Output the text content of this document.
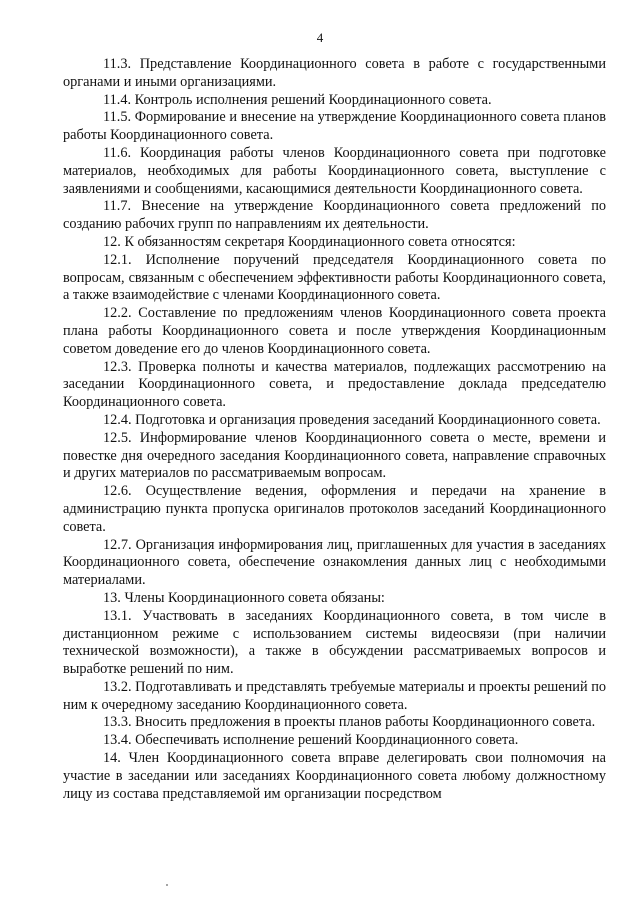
4

11.3. Представление Координационного совета в работе с государственными органами и иными организациями.

11.4. Контроль исполнения решений Координационного совета.

11.5. Формирование и внесение на утверждение Координационного совета планов работы Координационного совета.

11.6. Координация работы членов Координационного совета при подготовке материалов, необходимых для работы Координационного совета, выступление с заявлениями и сообщениями, касающимися деятельности Координационного совета.

11.7. Внесение на утверждение Координационного совета предложений по созданию рабочих групп по направлениям их деятельности.

12. К обязанностям секретаря Координационного совета относятся:

12.1. Исполнение поручений председателя Координационного совета по вопросам, связанным с обеспечением эффективности работы Координационного совета, а также взаимодействие с членами Координационного совета.

12.2. Составление по предложениям членов Координационного совета проекта плана работы Координационного совета и после утверждения Координационным советом доведение его до членов Координационного совета.

12.3. Проверка полноты и качества материалов, подлежащих рассмотрению на заседании Координационного совета, и предоставление доклада председателю Координационного совета.

12.4. Подготовка и организация проведения заседаний Координационного совета.

12.5. Информирование членов Координационного совета о месте, времени и повестке дня очередного заседания Координационного совета, направление справочных и других материалов по рассматриваемым вопросам.

12.6. Осуществление ведения, оформления и передачи на хранение в администрацию пункта пропуска оригиналов протоколов заседаний Координационного совета.

12.7. Организация информирования лиц, приглашенных для участия в заседаниях Координационного совета, обеспечение ознакомления данных лиц с необходимыми материалами.

13. Члены Координационного совета обязаны:

13.1. Участвовать в заседаниях Координационного совета, в том числе в дистанционном режиме с использованием системы видеосвязи (при наличии технической возможности), а также в обсуждении рассматриваемых вопросов и выработке решений по ним.

13.2. Подготавливать и представлять требуемые материалы и проекты решений по ним к очередному заседанию Координационного совета.

13.3. Вносить предложения в проекты планов работы Координационного совета.

13.4. Обеспечивать исполнение решений Координационного совета.

14. Член Координационного совета вправе делегировать свои полномочия на участие в заседании или заседаниях Координационного совета любому должностному лицу из состава представляемой им организации посредством
